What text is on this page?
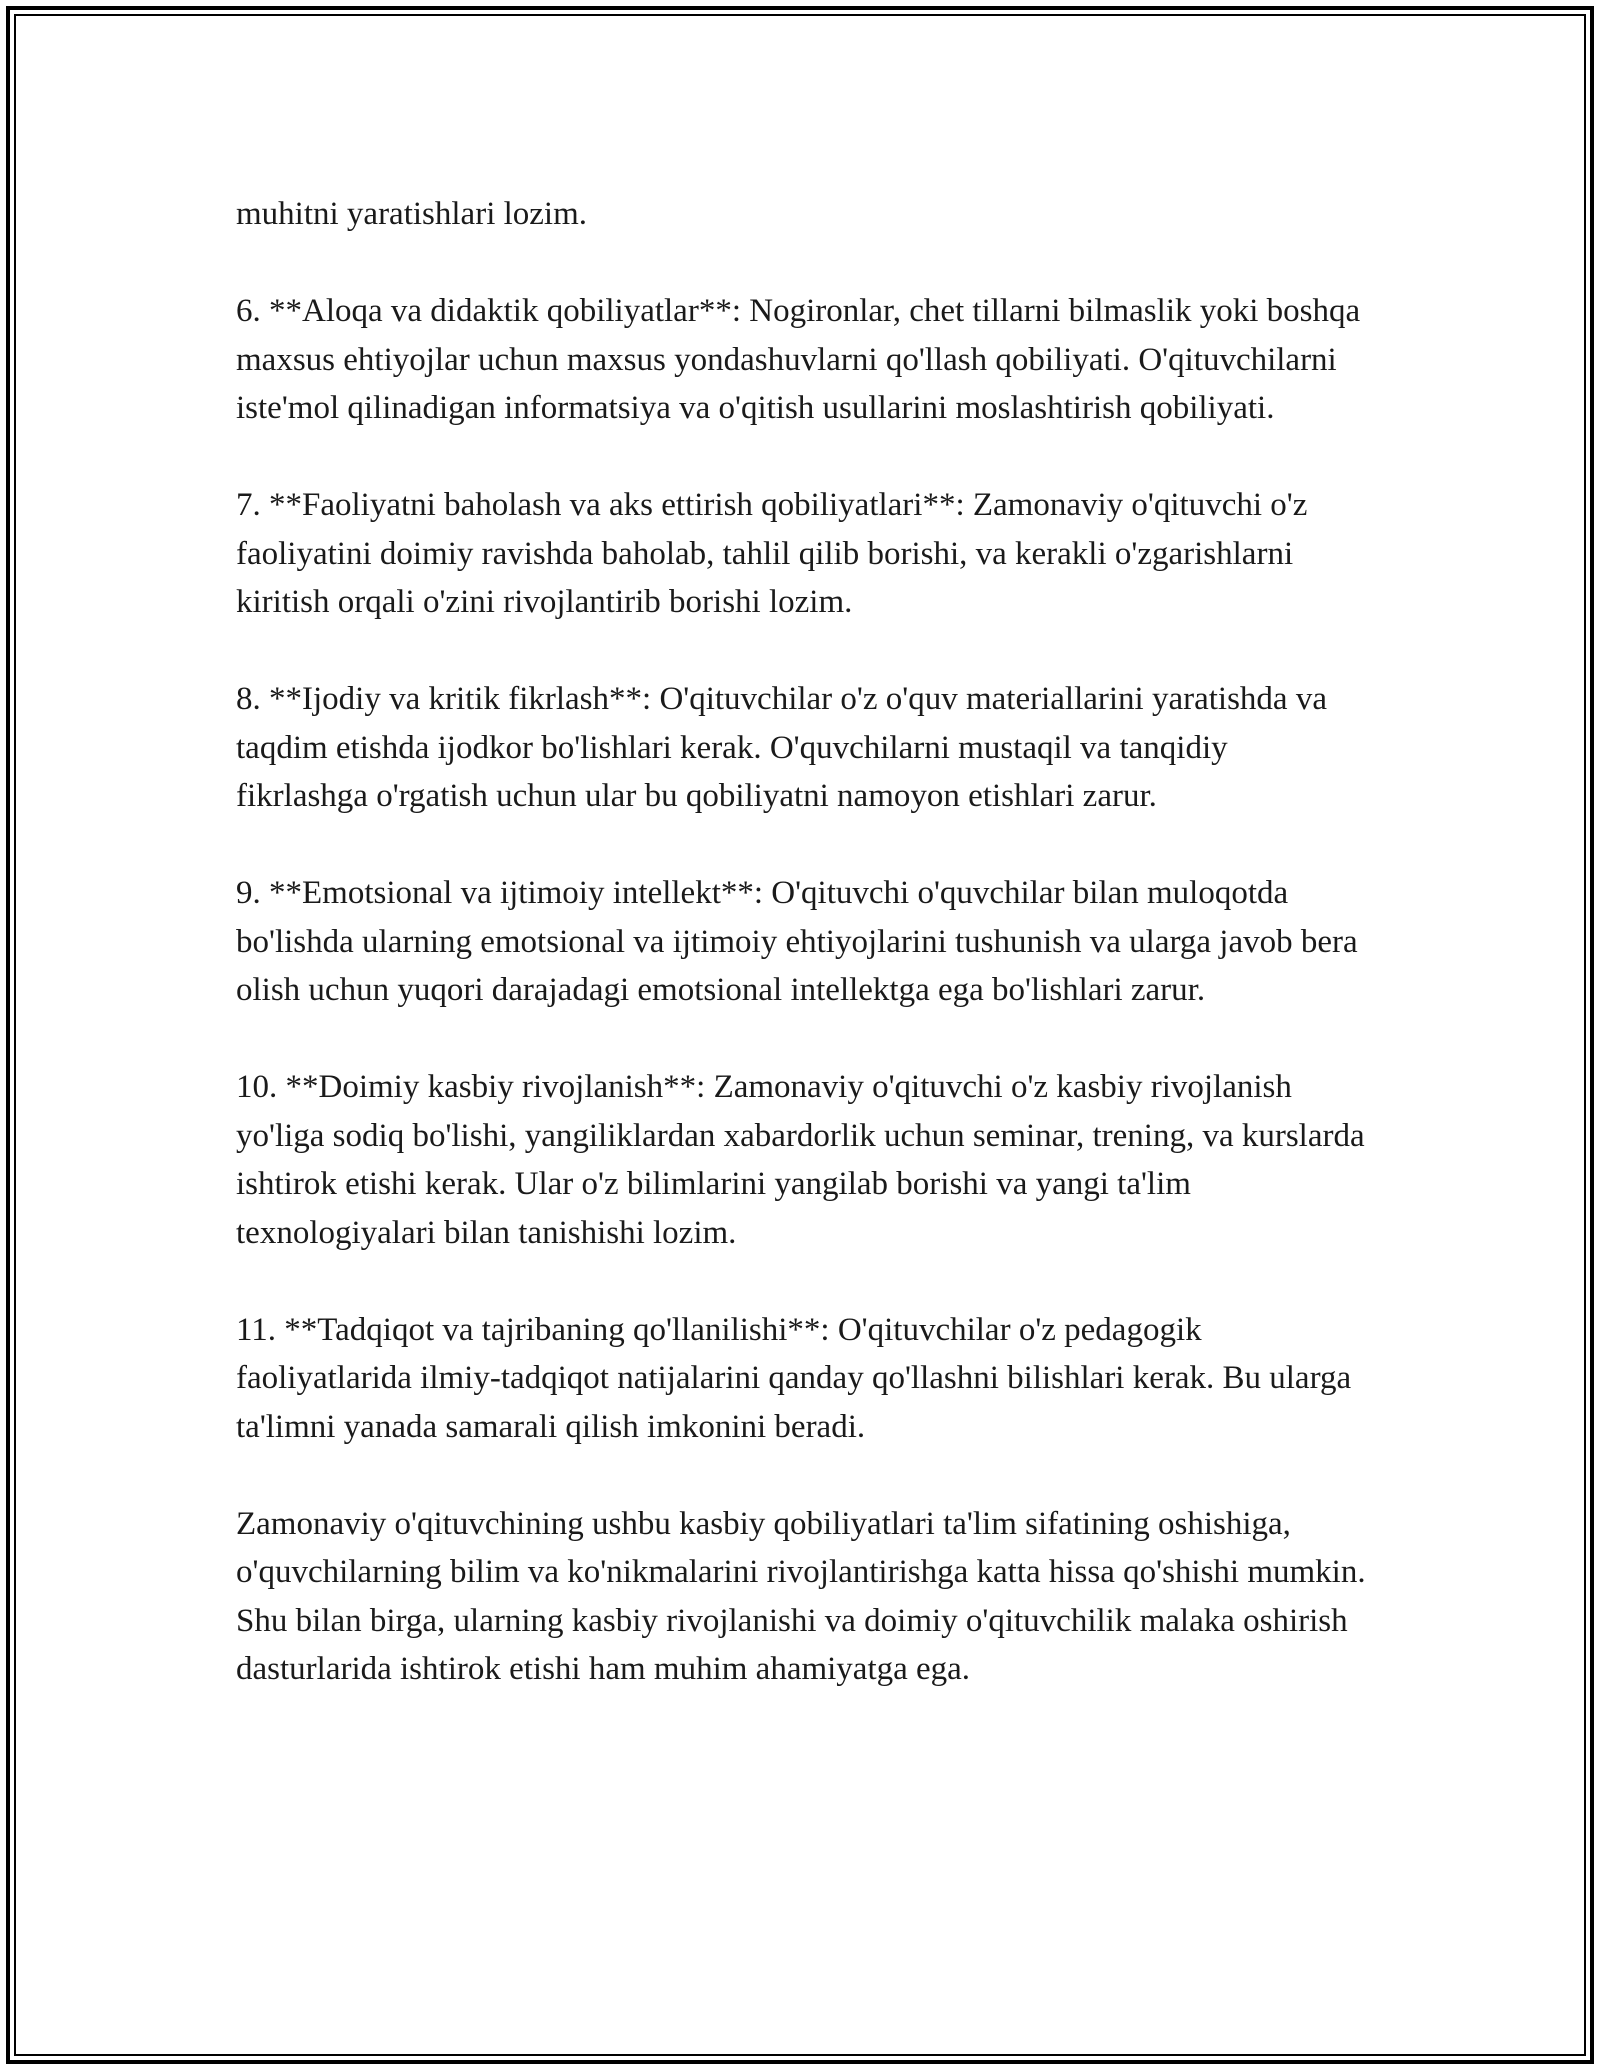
muhitni yaratishlari lozim.

6. **Aloqa va didaktik qobiliyatlar**: Nogironlar, chet tillarni bilmaslik yoki boshqa maxsus ehtiyojlar uchun maxsus yondashuvlarni qo'llash qobiliyati. O'qituvchilarni iste'mol qilinadigan informatsiya va o'qitish usullarini moslashtirish qobiliyati.

7. **Faoliyatni baholash va aks ettirish qobiliyatlari**: Zamonaviy o'qituvchi o'z faoliyatini doimiy ravishda baholab, tahlil qilib borishi, va kerakli o'zgarishlarni kiritish orqali o'zini rivojlantirib borishi lozim.

8. **Ijodiy va kritik fikrlash**: O'qituvchilar o'z o'quv materiallarini yaratishda va taqdim etishda ijodkor bo'lishlari kerak. O'quvchilarni mustaqil va tanqidiy fikrlashga o'rgatish uchun ular bu qobiliyatni namoyon etishlari zarur.

9. **Emotsional va ijtimoiy intellekt**: O'qituvchi o'quvchilar bilan muloqotda bo'lishda ularning emotsional va ijtimoiy ehtiyojlarini tushunish va ularga javob bera olish uchun yuqori darajadagi emotsional intellektga ega bo'lishlari zarur.

10. **Doimiy kasbiy rivojlanish**: Zamonaviy o'qituvchi o'z kasbiy rivojlanish yo'liga sodiq bo'lishi, yangiliklardan xabardorlik uchun seminar, trening, va kurslarda ishtirok etishi kerak. Ular o'z bilimlarini yangilab borishi va yangi ta'lim texnologiyalari bilan tanishishi lozim.

11. **Tadqiqot va tajribaning qo'llanilishi**: O'qituvchilar o'z pedagogik faoliyatlarida ilmiy-tadqiqot natijalarini qanday qo'llashni bilishlari kerak. Bu ularga ta'limni yanada samarali qilish imkonini beradi.

Zamonaviy o'qituvchining ushbu kasbiy qobiliyatlari ta'lim sifatining oshishiga, o'quvchilarning bilim va ko'nikmalarini rivojlantirishga katta hissa qo'shishi mumkin. Shu bilan birga, ularning kasbiy rivojlanishi va doimiy o'qituvchilik malaka oshirish dasturlarida ishtirok etishi ham muhim ahamiyatga ega.
